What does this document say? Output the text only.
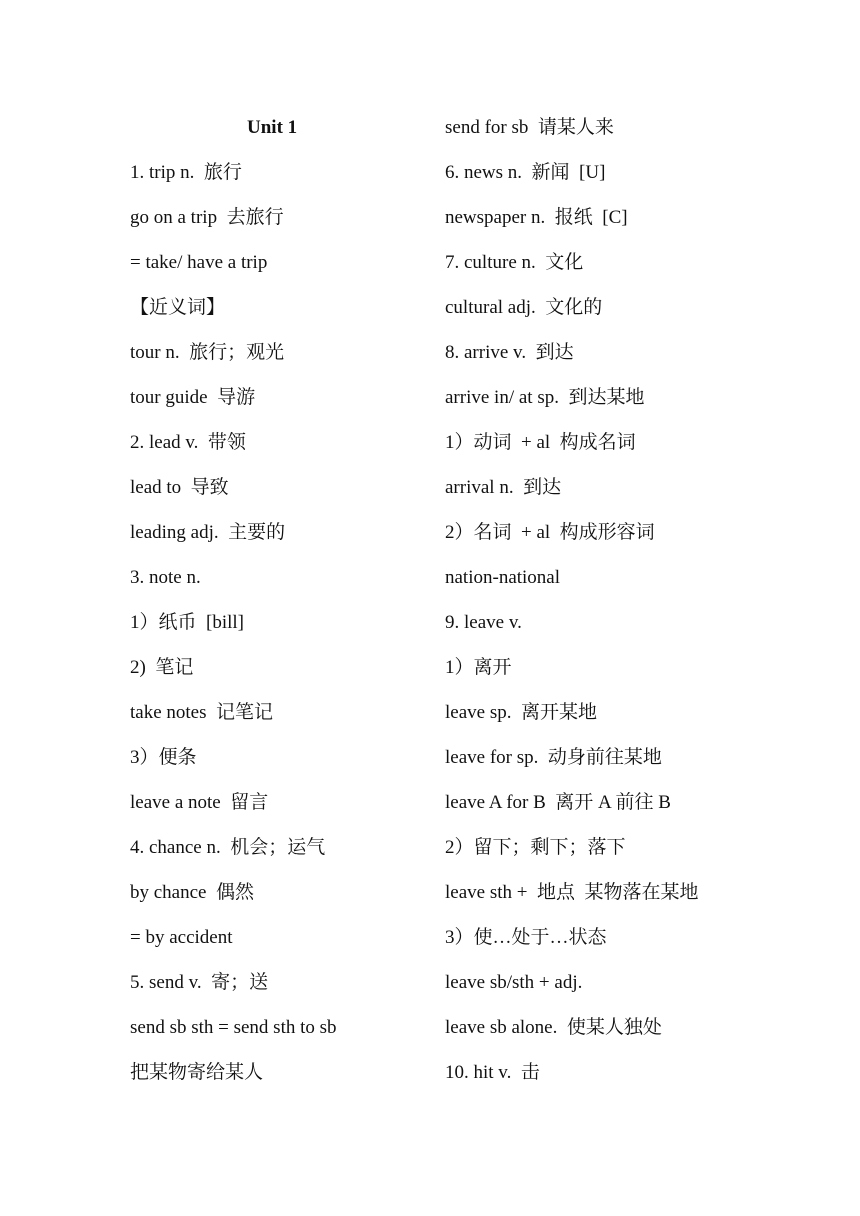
Unit 1
1. trip n.  旅行
go on a trip  去旅行
= take/ have a trip
【近义词】
tour n.  旅行；观光
tour guide  导游
2. lead v.  带领
lead to  导致
leading adj.  主要的
3. note n.
1）纸币  [bill]
2)  笔记
take notes  记笔记
3）便条
leave a note  留言
4. chance n.  机会；运气
by chance  偶然
= by accident
5. send v.  寄；送
send sb sth = send sth to sb
把某物寄给某人
send for sb  请某人来
6. news n.  新闻  [U]
newspaper n.  报纸  [C]
7. culture n.  文化
cultural adj.  文化的
8. arrive v.  到达
arrive in/ at sp.  到达某地
1）动词  + al  构成名词
arrival n.  到达
2）名词  + al  构成形容词
nation-national
9. leave v.
1）离开
leave sp.  离开某地
leave for sp.  动身前往某地
leave A for B  离开 A 前往 B
2）留下；剩下；落下
leave sth +  地点  某物落在某地
3）使…处于…状态
leave sb/sth + adj.
leave sb alone.  使某人独处
10. hit v.  击
